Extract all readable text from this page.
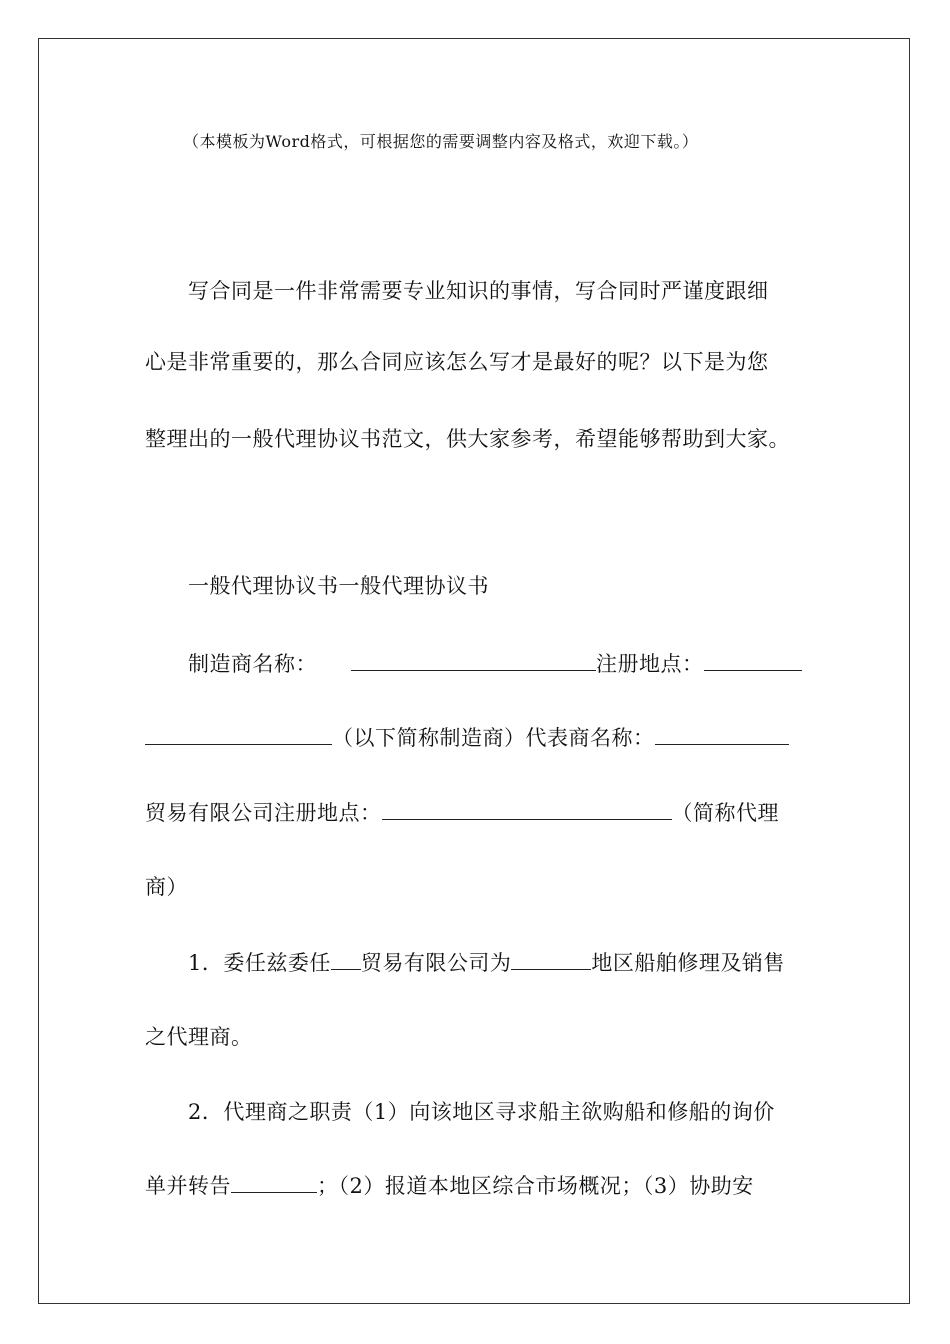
（本模板为Word格式，可根据您的需要调整内容及格式，欢迎下载。）
写合同是一件非常需要专业知识的事情，写合同时严谨度跟细
心是非常重要的，那么合同应该怎么写才是最好的呢？以下是为您
整理出的一般代理协议书范文，供大家参考，希望能够帮助到大家。
一般代理协议书一般代理协议书
制造商名称：	注册地点：
（以下简称制造商）代表商名称：
贸易有限公司注册地点：	（简称代理
商）
1．委任兹委任 贸易有限公司为	地区船舶修理及销售
之代理商。
2．代理商之职责（1）向该地区寻求船主欲购船和修船的询价
单并转告	；（2）报道本地区综合市场概况；（3）协助安
